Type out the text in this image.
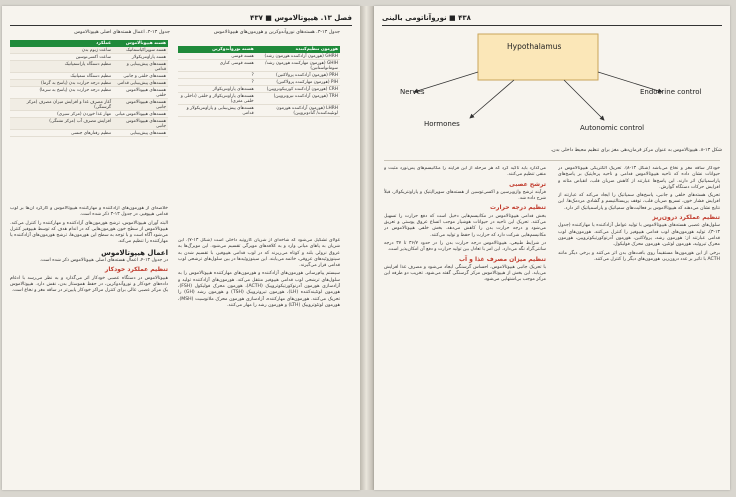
فصل ۱۳. هیپوتالاموس ■ ۴۳۷
جدول ۱۳-۳. هسته‌های نوروآندوکرین و هورمون‌های هیپوتالاموس
هورمون تنظیم‌کننده	هسته نوروآندوکرین
GHRH (هورمون آزادکننده هورمون رشد)	هسته قوسی
GHIH (هورمون مهارکننده هورمون رشد/ سوماتواستاتین)	هسته قوسی کناری
PRH (هورمون آزادکننده پرولاکتین)	?
PIH (هورمون مهارکننده پرولاکتین)	?
CRH (هورمون آزادکننده کورتیکوتروپین)	هسته‌های پاراونتریکولار
TRH (هورمون آزادکننده تیروتروپین)	هسته‌های پاراونتریکولار و خلفی (داخلی و خلفی مغزی)
LHRH (هورمون آزادکننده هورمون لوتئینه‌کننده/ گنادوتروپین)	هسته‌های پیش‌بینایی و پاراونتریکولار و قدامی
جدول ۱۳-۴. اعمال هسته‌های اصلی هیپوتالاموس
هسته هیپوتالاموس	عملکرد
هسته سوپراکیاسماتیک	ساعت ژنوم بدن
هسته پاراونتریکولار	ساعت اکسی‌توسین
هسته‌های پیش‌بینایی و قدامی	تنظیم دستگاه پاراسمپاتیک
هسته‌های خلفی و جانبی	تنظیم دستگاه سمپاتیک
هسته‌های پیش‌بینایی قدامی	تنظیم درجه حرارت بدن (پاسخ به گرما)
هسته‌های هیپوتالاموس خلفی	تنظیم درجه حرارت بدن (پاسخ به سرما)
هسته‌های هیپوتالاموس جانبی	آغاز مصرف غذا و افزایش میزان مصرف (مرکز گرسنگی)
هسته‌های هیپوتالاموس میانی	مهار غذا خوردن (مرکز سیری)
هسته‌های هیپوتالاموس جانبی	افزایش مصرف آب (مرکز تشنگی)
هسته‌های پیش‌بینایی	تنظیم رفتارهای جنسی

غولای تشکیل می‌شود که شاخه‌ای از شریان کاروتید داخلی است (شکل ۱۳-۷). این شریان به پاهای میانی وارد و به کلافه‌های مویرگی تقسیم می‌شود. این مویرگ‌ها به عروق نزولی بلند و کوتاه می‌ریزند که در لوب قدامی هیپوفیز، با تقسیم شدن به سینوزوئیدهای عروقی، خاتمه می‌یابند. این سینوزوئیدها در بین سلول‌های ترشحی لوب قدامی قرار می‌گیرند.

سیستم پیام‌رسانی هورمون‌های آزادکننده و هورمون‌های مهارکننده هیپوتالاموس را به سلول‌های ترشحی لوب قدامی هیپوفیز منتقل می‌کند. هورمون‌های آزادکننده تولید و آزادسازی هورمون آدرنوکورتیکوتروپیک (ACTH)، هورمون محرک فولیکول (FSH)، هورمون لوتئینه‌کننده (LH)، هورمون تیروتروپیک (TSH) و هورمون رشد (GH) را تحریک می‌کنند. هورمون‌های مهارکننده، آزادسازی هورمون محرک ملانوسیت (MSH)، هورمون لوتئوتروپیک (LTH) و هورمون رشد را مهار می‌کنند.

خلاصه‌ای از هورمون‌های آزادکننده و مهارکننده هیپوتالاموس و کارکرد آن‌ها بر لوب قدامی هیپوفیز، در جدول ۱۳-۳ ذکر شده است.

البته آوران هیپوتالاموس، ترشح هورمون‌های آزادکننده و مهارکننده را کنترل می‌کند. هیپوتالاموس از سطح خون هورمون‌هایی که در اندام هدف که توسط هیپوفیز کنترل می‌شود آگاه است و با توجه به سطح این هورمون‌ها، ترشح هورمون‌های آزادکننده یا مهارکننده را تنظیم می‌کند.

اعمال هیپوتالاموس

در جدول ۱۳-۴، اعمال هسته‌های اصلی هیپوتالاموس ذکر شده است.

تنظیم عملکرد خودکار

هیپوتالاموس در دستگاه عصبی خودکار اثر می‌گذارد و به نظر می‌رسد با ادغام داده‌های خودکار و نوروآندوکرین، در حفظ هموستاز بدن، نقش دارد. هیپوتالاموس یک مرکز عصبی عالی برای کنترل مراکز خودکار پایین‌تر در ساقه مغز و نخاع است.

۴۳۸ ■ نوروآناتومی بالینی
Hypothalamus
Nerves	Endocrine control
Hormones	Autonomic control
شکل ۱۳-۸. هیپوتالاموس به عنوان مرکز فرمان‌دهی مغز برای تنظیم محیط داخلی بدن.

می‌گذارد باید تاکید کرد که هر مرحله از این فرآیند را مکانیسم‌های پس‌نورد مثبت و منفی تنظیم می‌کنند.

ترشح عصبی

فرآیند ترشح وازوپرسین و اکسی‌توسین از هسته‌های سوپرااپتیک و پاراونتریکولار، قبلاً شرح داده شد.

تنظیم درجه حرارت

بخش قدامی هیپوتالاموس در مکانیسم‌هایی دخیل است که دفع حرارت را تسهیل می‌کنند. تحریک این ناحیه در حیوانات هوشیار موجب اتساع عروق پوستی و تعریق می‌شود و درجه حرارت بدن را کاهش می‌دهد. بخش خلفی هیپوتالاموس در مکانیسم‌هایی شرکت دارد که حرارت را حفظ و تولید می‌کنند.

در شرایط طبیعی، هیپوتالاموس درجه حرارت بدن را در حدود ۳۶/۷ تا ۳۷ درجه سانتی‌گراد نگه می‌دارد. این امر با تعادل بین تولید حرارت و دفع آن امکان‌پذیر است.

تنظیم میزان مصرف غذا و آب

با تحریک جانبی هیپوتالاموس، احساس گرسنگی ایجاد می‌شود و مصرف غذا افزایش می‌یابد. این بخش از هیپوتالاموس مرکز گرسنگی گفته می‌شود. تخریب دو طرفه این مرکز موجب بی‌اشتهایی می‌شود.

خودکار ساقه مغز و نخاع می‌باشد (شکل ۱۳-۸). تحریک الکتریکی هیپوتالاموس در حیوانات نشان داده که ناحیه هیپوتالاموس قدامی و ناحیه پره‌اپتیک بر پاسخ‌های پاراسمپاتیک اثر دارند. این پاسخ‌ها عبارتند از کاهش ضربان قلب، انقباض مثانه و افزایش حرکات دستگاه گوارش.

تحریک هسته‌های خلفی و جانبی، پاسخ‌های سمپاتیک را ایجاد می‌کند که عبارتند از افزایش فشار خون، تسریع ضربان قلب، توقف پریستالتیسم و گشادی مردمک‌ها. این نتایج نشان می‌دهند که هیپوتالاموس بر فعالیت‌های سمپاتیک و پاراسمپاتیک اثر دارد.

تنظیم عملکرد درون‌ریز

سلول‌های عصبی هسته‌های هیپوتالاموس با تولید عوامل آزادکننده یا مهارکننده (جدول ۱۳-۳)، تولید هورمون‌های لوب قدامی هیپوفیز را کنترل می‌کنند. هورمون‌های لوب قدامی عبارتند از: هورمون رشد، پرولاکتین، هورمون آدرنوکورتیکوتروپین، هورمون محرک تیروئید، هورمون لوتئین، هورمون محرک فولیکول.

برخی از این هورمون‌ها مستقیماً روی بافت‌های بدن اثر می‌کنند و برخی دیگر مانند ACTH با تاثیر بر غدد درون‌ریز، هورمون‌های دیگر را کنترل می‌کنند.
